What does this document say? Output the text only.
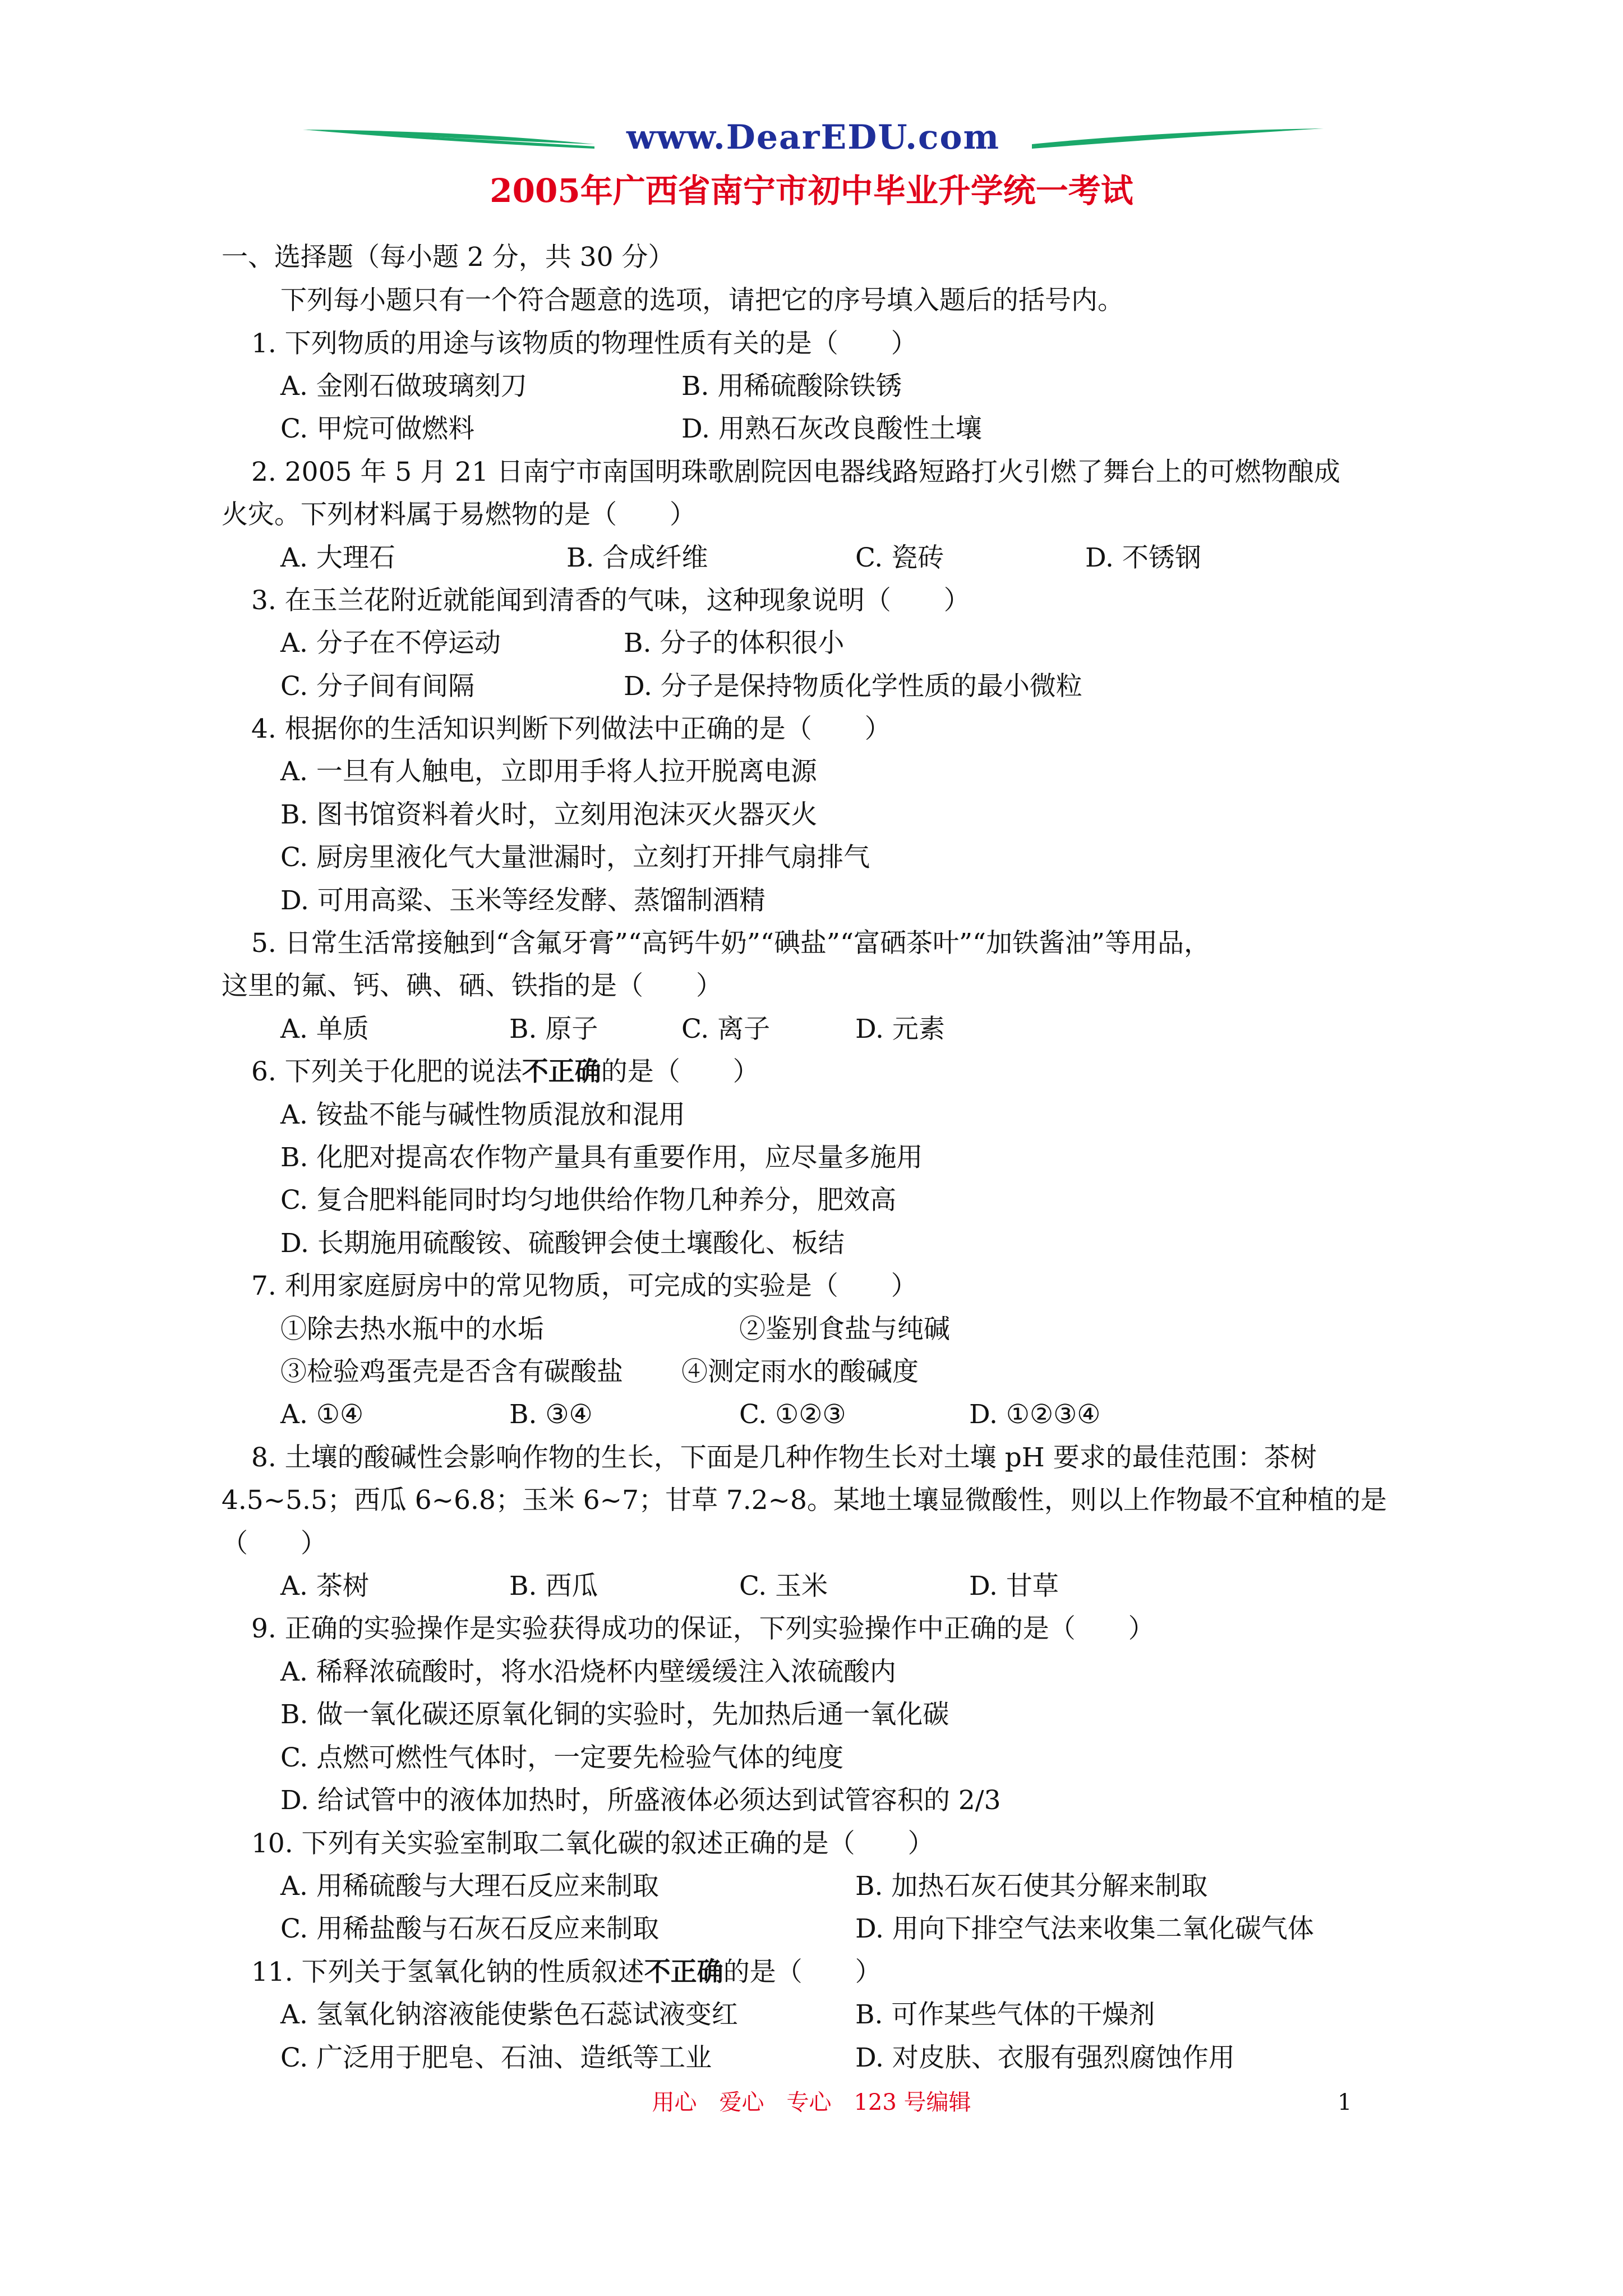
www.DearEDU.com
2005年广西省南宁市初中毕业升学统一考试
一、选择题（每小题 2 分，共 30 分）
下列每小题只有一个符合题意的选项，请把它的序号填入题后的括号内。
1. 下列物质的用途与该物质的物理性质有关的是（　　）
A. 金刚石做玻璃刻刀	B. 用稀硫酸除铁锈
C. 甲烷可做燃料	D. 用熟石灰改良酸性土壤
2. 2005 年 5 月 21 日南宁市南国明珠歌剧院因电器线路短路打火引燃了舞台上的可燃物酿成
火灾。下列材料属于易燃物的是（　　）
A. 大理石	B. 合成纤维	C. 瓷砖	D. 不锈钢
3. 在玉兰花附近就能闻到清香的气味，这种现象说明（　　）
A. 分子在不停运动	B. 分子的体积很小
C. 分子间有间隔	D. 分子是保持物质化学性质的最小微粒
4. 根据你的生活知识判断下列做法中正确的是（　　）
A. 一旦有人触电，立即用手将人拉开脱离电源
B. 图书馆资料着火时，立刻用泡沫灭火器灭火
C. 厨房里液化气大量泄漏时，立刻打开排气扇排气
D. 可用高粱、玉米等经发酵、蒸馏制酒精
5. 日常生活常接触到“含氟牙膏”“高钙牛奶”“碘盐”“富硒茶叶”“加铁酱油”等用品，
这里的氟、钙、碘、硒、铁指的是（　　）
A. 单质	B. 原子	C. 离子	D. 元素
6. 下列关于化肥的说法不正确的是（　　）
A. 铵盐不能与碱性物质混放和混用
B. 化肥对提高农作物产量具有重要作用，应尽量多施用
C. 复合肥料能同时均匀地供给作物几种养分，肥效高
D. 长期施用硫酸铵、硫酸钾会使土壤酸化、板结
7. 利用家庭厨房中的常见物质，可完成的实验是（　　）
①除去热水瓶中的水垢	②鉴别食盐与纯碱
③检验鸡蛋壳是否含有碳酸盐 ④测定雨水的酸碱度
A. ①④	B. ③④	C. ①②③	D. ①②③④
8. 土壤的酸碱性会影响作物的生长，下面是几种作物生长对土壤 pH 要求的最佳范围：茶树
4.5~5.5；西瓜 6~6.8；玉米 6~7；甘草 7.2~8。某地土壤显微酸性，则以上作物最不宜种植的是
（　　）
A. 茶树	B. 西瓜	C. 玉米	D. 甘草
9. 正确的实验操作是实验获得成功的保证，下列实验操作中正确的是（　　）
A. 稀释浓硫酸时，将水沿烧杯内壁缓缓注入浓硫酸内
B. 做一氧化碳还原氧化铜的实验时，先加热后通一氧化碳
C. 点燃可燃性气体时，一定要先检验气体的纯度
D. 给试管中的液体加热时，所盛液体必须达到试管容积的 2/3
10. 下列有关实验室制取二氧化碳的叙述正确的是（　　）
A. 用稀硫酸与大理石反应来制取	B. 加热石灰石使其分解来制取
C. 用稀盐酸与石灰石反应来制取	D. 用向下排空气法来收集二氧化碳气体
11. 下列关于氢氧化钠的性质叙述不正确的是（　　）
A. 氢氧化钠溶液能使紫色石蕊试液变红	B. 可作某些气体的干燥剂
C. 广泛用于肥皂、石油、造纸等工业	D. 对皮肤、衣服有强烈腐蚀作用
用心　爱心　专心　123 号编辑	1
